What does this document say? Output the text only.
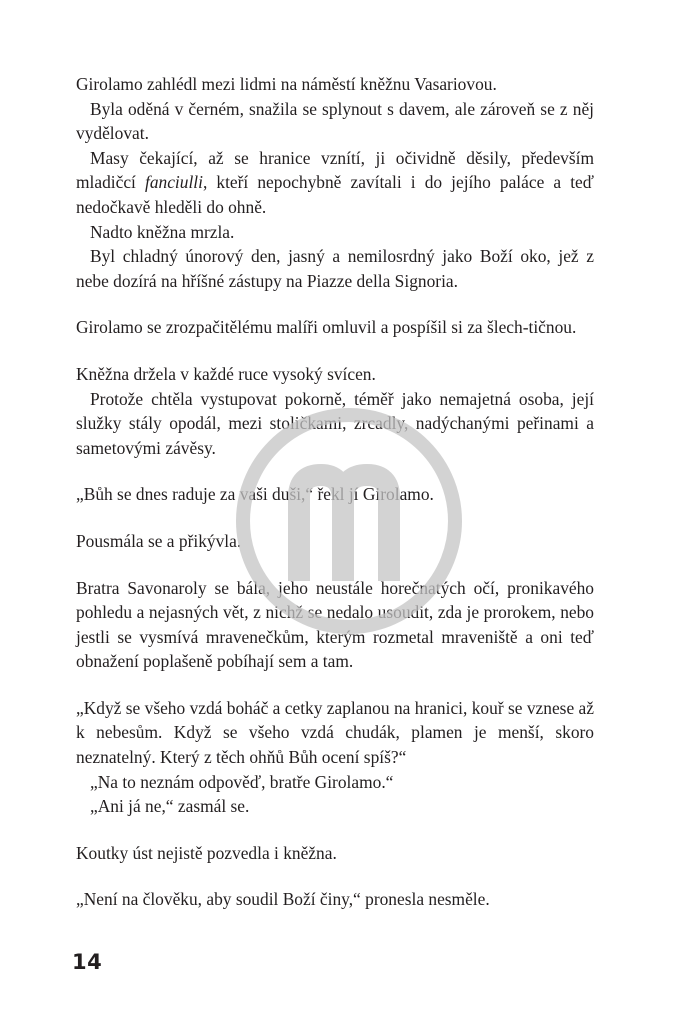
Girolamo zahlédl mezi lidmi na náměstí kněžnu Vasariovou.

Byla oděná v černém, snažila se splynout s davem, ale zároveň se z něj vydělovat.

Masy čekající, až se hranice vznítí, ji očividně děsily, především mladičcí fanciulli, kteří nepochybně zavítali i do jejího paláce a teď nedočkavě hleděli do ohně.

Nadto kněžna mrzla.

Byl chladný únorový den, jasný a nemilosrdný jako Boží oko, jež z nebe dozírá na hříšné zástupy na Piazze della Signoria.

Girolamo se zrozpačitělému malíři omluvil a pospíšil si za šlech-tičnou.

Kněžna držela v každé ruce vysoký svícen.

Protože chtěla vystupovat pokorně, téměř jako nemajetná osoba, její služky stály opodál, mezi stoličkami, zrcadly, nadýchanými peřinami a sametovými závěsy.

„Bůh se dnes raduje za vaši duši,“ řekl jí Girolamo.

Pousmála se a přikývla.

Bratra Savonaroly se bála, jeho neustále horečnatých očí, pronikavého pohledu a nejasných vět, z nichž se nedalo usoudit, zda je prorokem, nebo jestli se vysmívá mravenečkům, kterým rozmetal mraveniště a oni teď obnažení poplašeně pobíhají sem a tam.

„Když se všeho vzdá boháč a cetky zaplanou na hranici, kouř se vznese až k nebesům. Když se všeho vzdá chudák, plamen je menší, skoro neznatelný. Který z těch ohňů Bůh ocení spíš?“

„Na to neznám odpověď, bratře Girolamo.“

„Ani já ne,“ zasmál se.

Koutky úst nejistě pozvedla i kněžna.

„Není na člověku, aby soudil Boží činy,“ pronesla nesměle.

14
